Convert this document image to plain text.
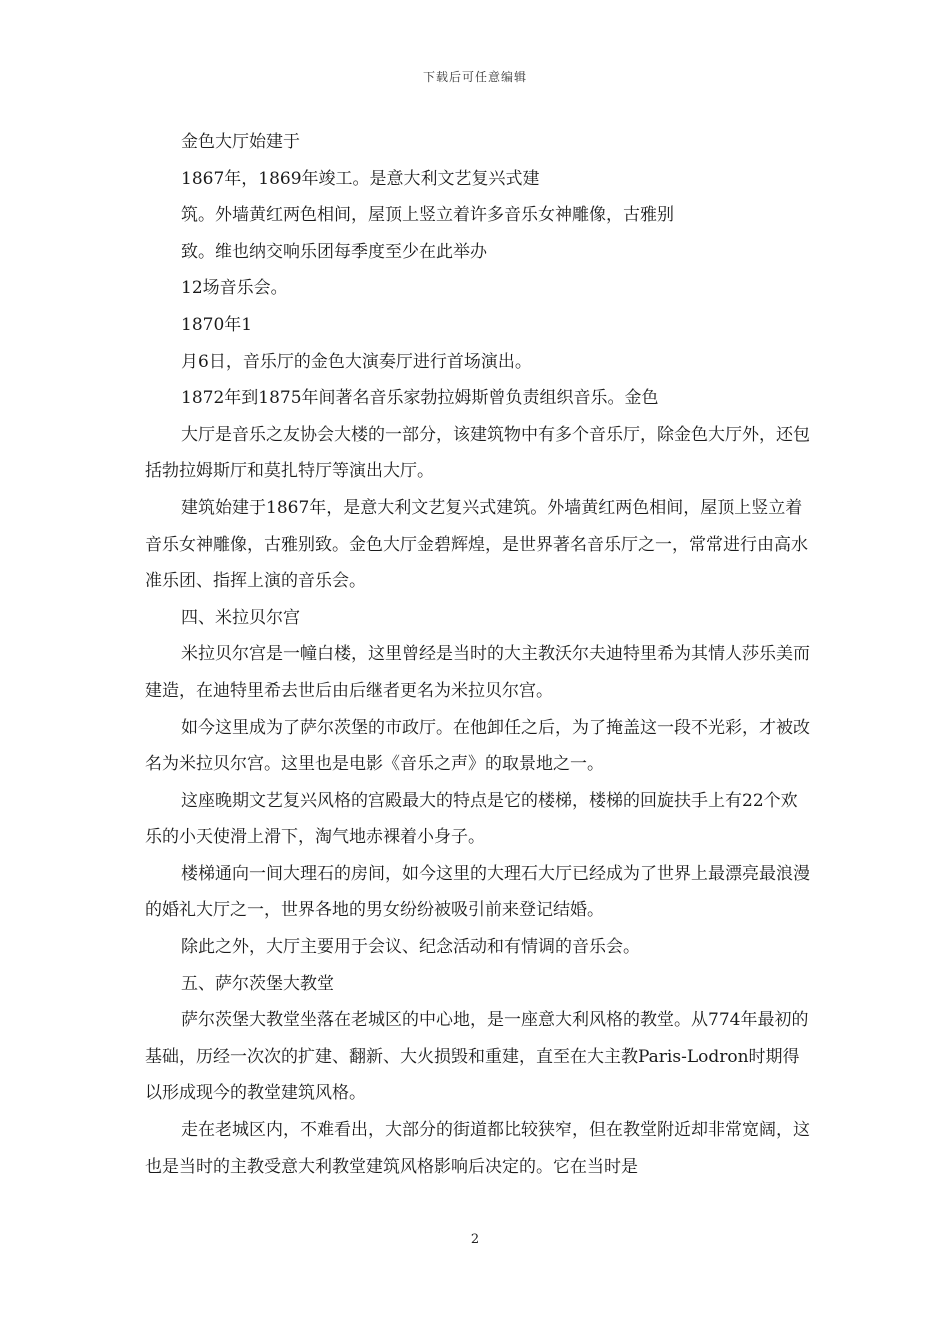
下载后可任意编辑

金色大厅始建于

1867年，1869年竣工。是意大利文艺复兴式建

筑。外墙黄红两色相间，屋顶上竖立着许多音乐女神雕像，古雅别

致。维也纳交响乐团每季度至少在此举办

12场音乐会。

1870年1

月6日，音乐厅的金色大演奏厅进行首场演出。

1872年到1875年间著名音乐家勃拉姆斯曾负责组织音乐。金色

大厅是音乐之友协会大楼的一部分，该建筑物中有多个音乐厅，除金色大厅外，还包括勃拉姆斯厅和莫扎特厅等演出大厅。

建筑始建于1867年，是意大利文艺复兴式建筑。外墙黄红两色相间，屋顶上竖立着音乐女神雕像，古雅别致。金色大厅金碧辉煌，是世界著名音乐厅之一，常常进行由高水准乐团、指挥上演的音乐会。

四、米拉贝尔宫

米拉贝尔宫是一幢白楼，这里曾经是当时的大主教沃尔夫迪特里希为其情人莎乐美而建造，在迪特里希去世后由后继者更名为米拉贝尔宫。

如今这里成为了萨尔茨堡的市政厅。在他卸任之后，为了掩盖这一段不光彩，才被改名为米拉贝尔宫。这里也是电影《音乐之声》的取景地之一。

这座晚期文艺复兴风格的宫殿最大的特点是它的楼梯，楼梯的回旋扶手上有22个欢乐的小天使滑上滑下，淘气地赤裸着小身子。

楼梯通向一间大理石的房间，如今这里的大理石大厅已经成为了世界上最漂亮最浪漫的婚礼大厅之一，世界各地的男女纷纷被吸引前来登记结婚。

除此之外，大厅主要用于会议、纪念活动和有情调的音乐会。

五、萨尔茨堡大教堂

萨尔茨堡大教堂坐落在老城区的中心地，是一座意大利风格的教堂。从774年最初的基础，历经一次次的扩建、翻新、大火损毁和重建，直至在大主教Paris-Lodron时期得以形成现今的教堂建筑风格。

走在老城区内，不难看出，大部分的街道都比较狭窄，但在教堂附近却非常宽阔，这也是当时的主教受意大利教堂建筑风格影响后决定的。它在当时是

2
